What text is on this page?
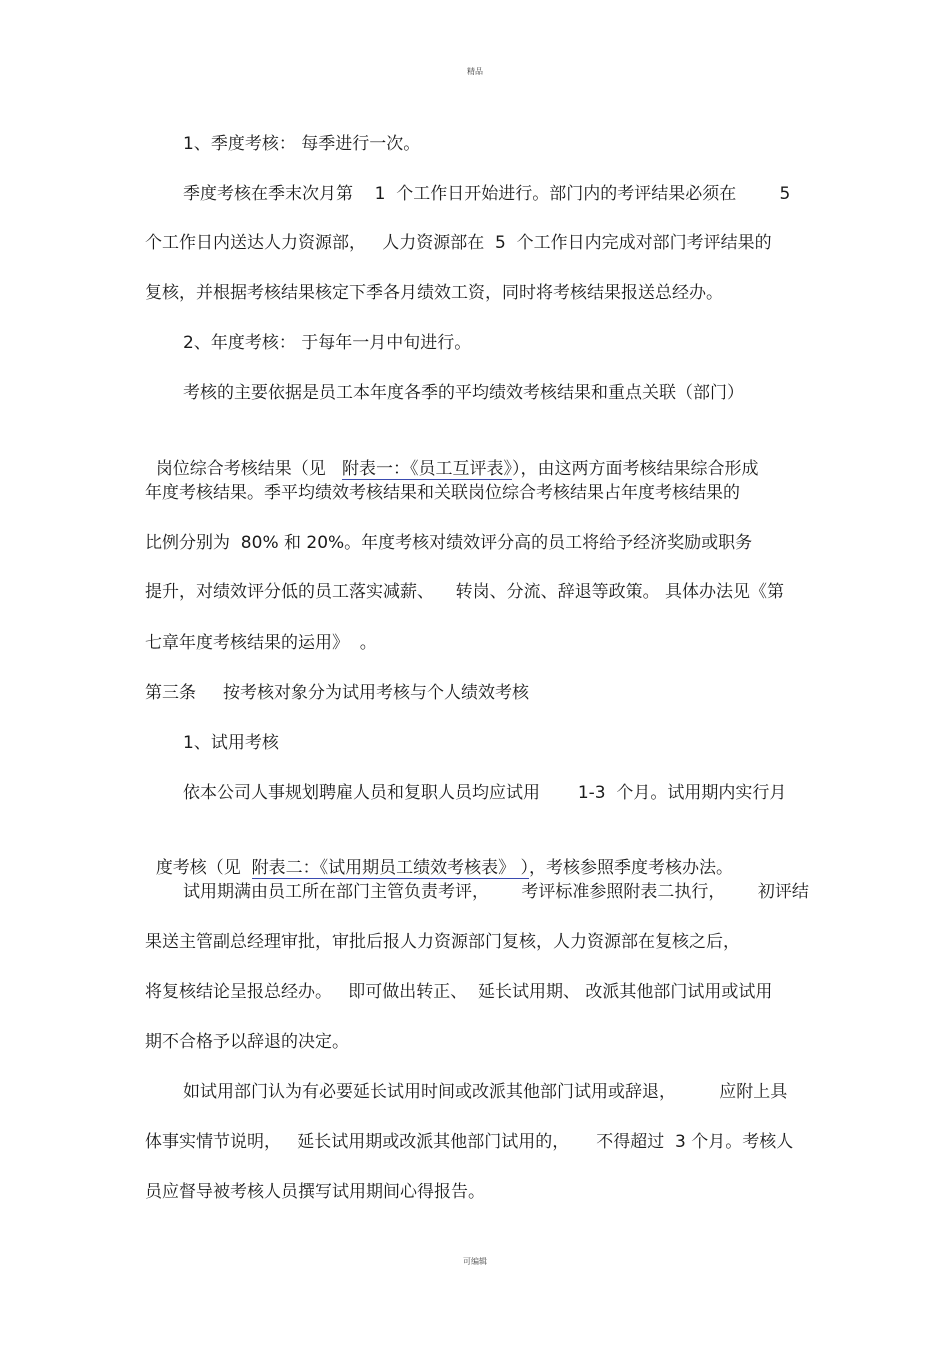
精品
1、季度考核： 每季进行一次。
季度考核在季末次月第    1  个工作日开始进行。部门内的考评结果必须在        5
个工作日内送达人力资源部，   人力资源部在  5  个工作日内完成对部门考评结果的
复核，并根据考核结果核定下季各月绩效工资，同时将考核结果报送总经办。
2、年度考核： 于每年一月中旬进行。
考核的主要依据是员工本年度各季的平均绩效考核结果和重点关联（部门）

岗位综合考核结果（见   附表一：《员工互评表》），由这两方面考核结果综合形成

年度考核结果。季平均绩效考核结果和关联岗位综合考核结果占年度考核结果的
比例分别为  80% 和 20%。年度考核对绩效评分高的员工将给予经济奖励或职务
提升，对绩效评分低的员工落实减薪、    转岗、分流、辞退等政策。 具体办法见《第
七章年度考核结果的运用》  。
第三条     按考核对象分为试用考核与个人绩效考核
1、试用考核
依本公司人事规划聘雇人员和复职人员均应试用       1-3  个月。试用期内实行月

度考核（见  附表二：《试用期员工绩效考核表》 ），考核参照季度考核办法。

试用期满由员工所在部门主管负责考评，      考评标准参照附表二执行，      初评结
果送主管副总经理审批，审批后报人力资源部门复核，人力资源部在复核之后，
将复核结论呈报总经办。   即可做出转正、  延长试用期、 改派其他部门试用或试用
期不合格予以辞退的决定。
如试用部门认为有必要延长试用时间或改派其他部门试用或辞退，        应附上具
体事实情节说明，   延长试用期或改派其他部门试用的，     不得超过  3 个月。考核人
员应督导被考核人员撰写试用期间心得报告。
可编辑
